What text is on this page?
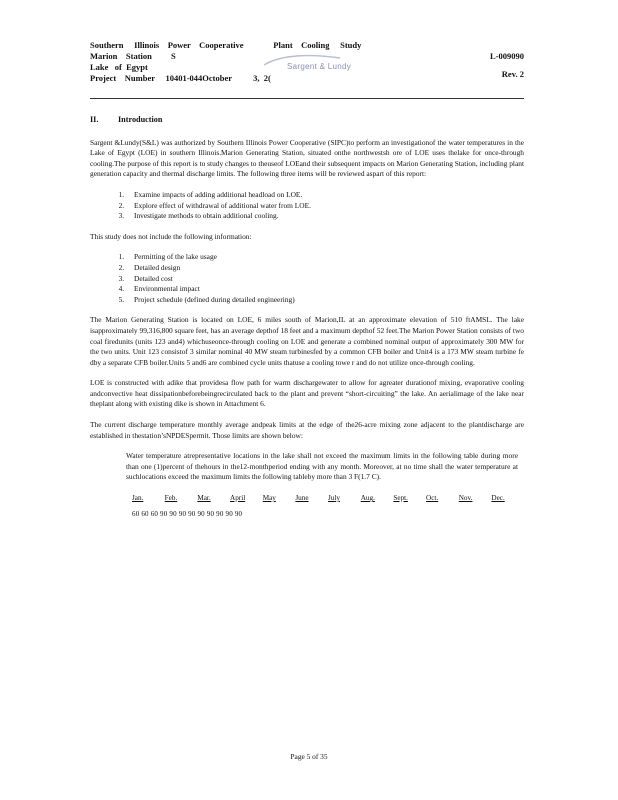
Southern     Illinois    Power    Cooperative              Plant    Cooling     Study
Marion    Station         S
Lake   of  Egypt
Project    Number     10401-044October          3,  2(
L-009090
Rev. 2
Sargent & Lundy
II. Introduction

Sargent &Lundy(S&L) was authorized by Southern Illinois Power Cooperative (SIPC)to perform an investigationof the water temperatures in the Lake of Egypt (LOE) in southern Illinois.Marion Generating Station, situated onthe northwestsh ore of LOE uses thelake for once-through cooling.The purpose of this report is to study changes to theuseof LOEand their subsequent impacts on Marion Generating Station, including plant generation capacity and thermal discharge limits. The following three items will be reviewed aspart of this report:

1. Examine impacts of adding additional headload on LOE.
2. Explore effect of withdrawal of additional water from LOE.
3. Investigate methods to obtain additional cooling.

This study does not include the following information:

1. Permitting of the lake usage
2. Detailed design
3. Detailed cost
4. Environmental impact
5. Project schedule (defined during detailed engineering)

The Marion Generating Station is located on LOE, 6 miles south of Marion,IL at an approximate elevation of 510 ftAMSL. The lake isapproximately 99,316,800 square feet, has an average depthof 18 feet and a maximum depthof 52 feet.The Marion Power Station consists of two coal firedunits (units 123 and4) whichuseonce-through cooling on LOE and generate a combined nominal output of approximately 300 MW for the two units. Unit 123 consistof 3 similar nominal 40 MW steam turbinesfed by a common CFB boiler and Unit4 is a 173 MW steam turbine fe dby a separate CFB boiler.Units 5 and6 are combined cycle units thatuse a cooling towe r and do not utilize once-through cooling.

LOE is constructed with adike that providesa flow path for warm dischargewater to allow for agreater durationof mixing, evaporative cooling andconvective heat dissipationbeforebeingrecirculated back to the plant and prevent “short-circuiting” the lake. An aerialimage of the lake near theplant along with existing dike is shown in Attachment 6.

The current discharge temperature monthly average andpeak limits at the edge of the26-acre mixing zone adjacent to the plantdischarge are established in thestation’sNPDESpermit. Those limits are shown below:

Water temperature atrepresentative locations in the lake shall not exceed the maximum limits in the following table during more than one (1)percent of thehours in the12-monthperiod ending with any month. Moreover, at no time shall the water temperature at suchlocations exceed the maximum limits the following tableby more than 3 F(1.7 C).
Jan.	Feb.	Mar.	April	May	June	July	Aug.	Sept.	Oct.	Nov.	Dec.
60 60 60 90 90 90 90 90 90 90 90 90
Page 5 of 35
